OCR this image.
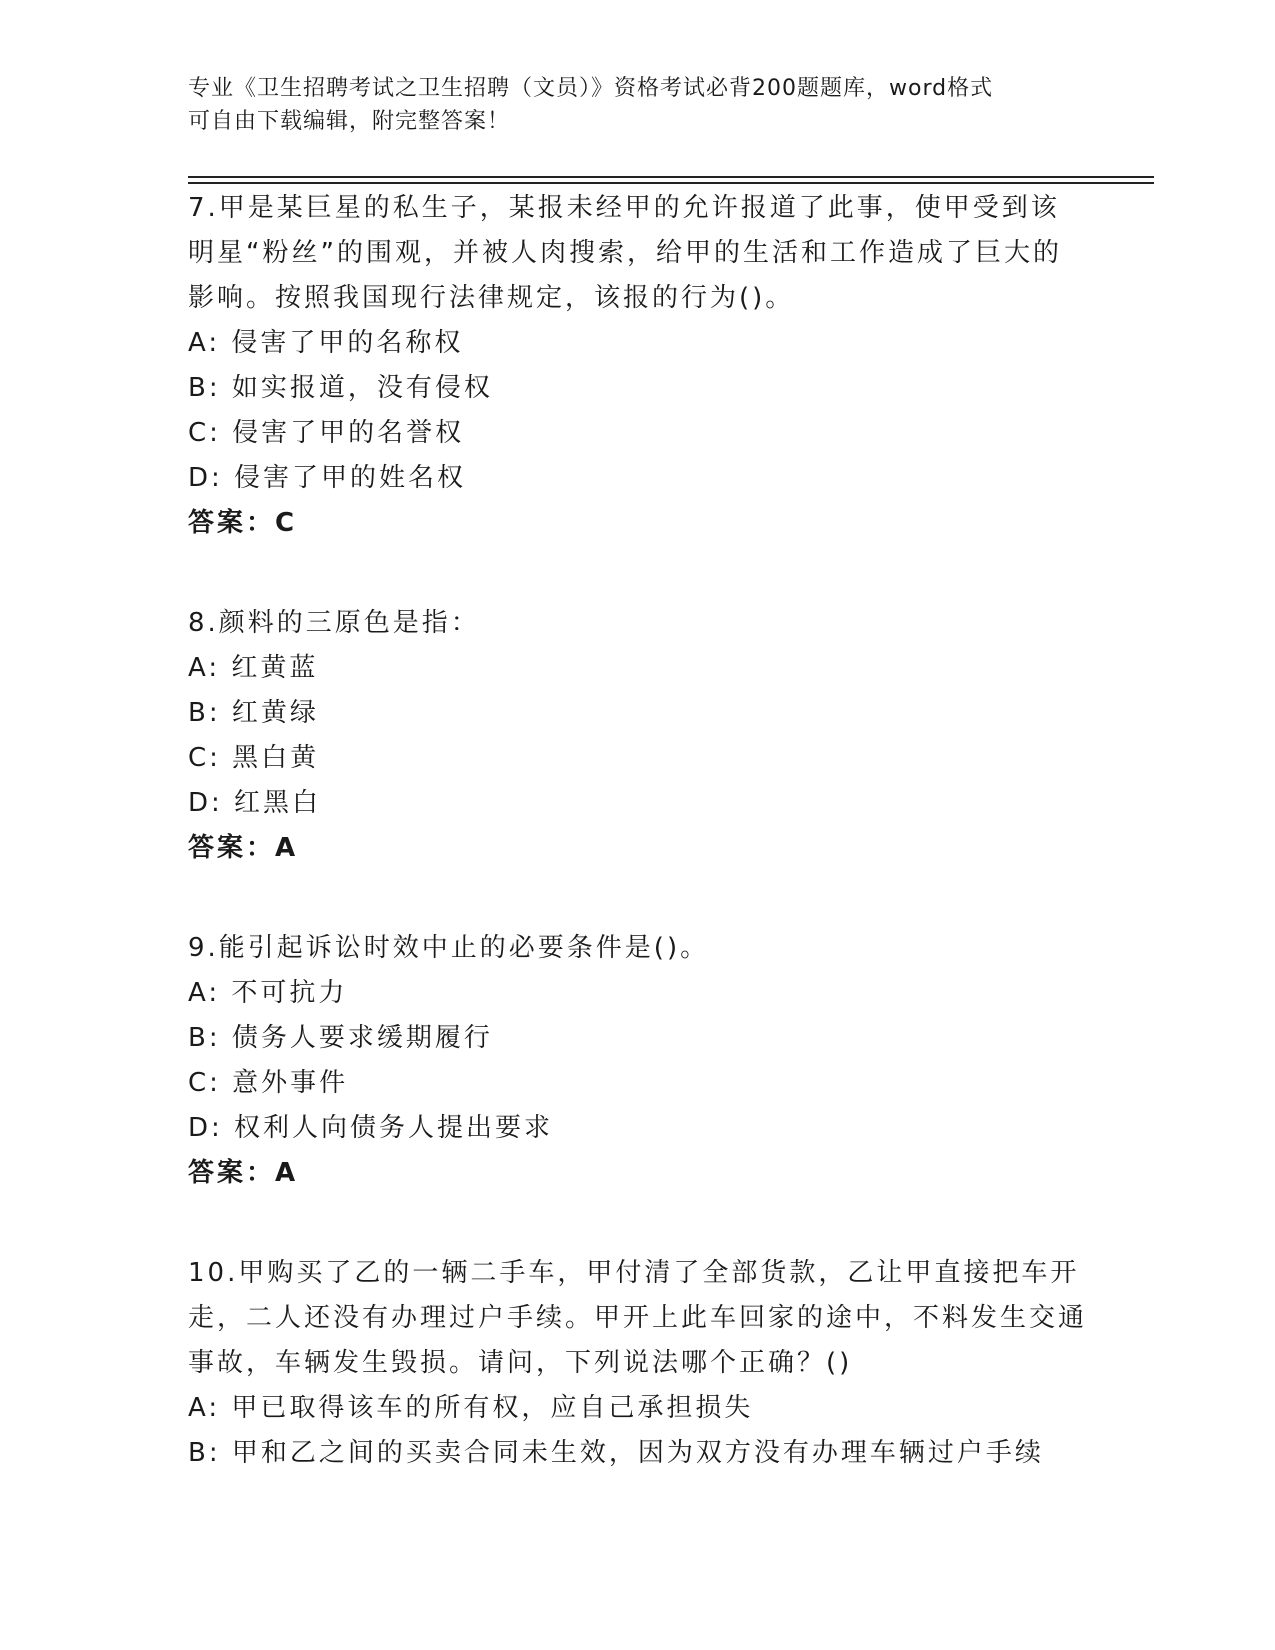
专业《卫生招聘考试之卫生招聘（文员）》资格考试必背200题题库，word格式

可自由下载编辑，附完整答案！

7.甲是某巨星的私生子，某报未经甲的允许报道了此事，使甲受到该明星“粉丝”的围观，并被人肉搜索，给甲的生活和工作造成了巨大的影响。按照我国现行法律规定，该报的行为()。

A: 侵害了甲的名称权

B: 如实报道，没有侵权

C: 侵害了甲的名誉权

D: 侵害了甲的姓名权

答案：C

8.颜料的三原色是指：

A: 红黄蓝

B: 红黄绿

C: 黑白黄

D: 红黑白

答案：A

9.能引起诉讼时效中止的必要条件是()。

A: 不可抗力

B: 债务人要求缓期履行

C: 意外事件

D: 权利人向债务人提出要求

答案：A

10.甲购买了乙的一辆二手车，甲付清了全部货款，乙让甲直接把车开走，二人还没有办理过户手续。甲开上此车回家的途中，不料发生交通事故，车辆发生毁损。请问，下列说法哪个正确？()

A: 甲已取得该车的所有权，应自己承担损失

B: 甲和乙之间的买卖合同未生效，因为双方没有办理车辆过户手续
